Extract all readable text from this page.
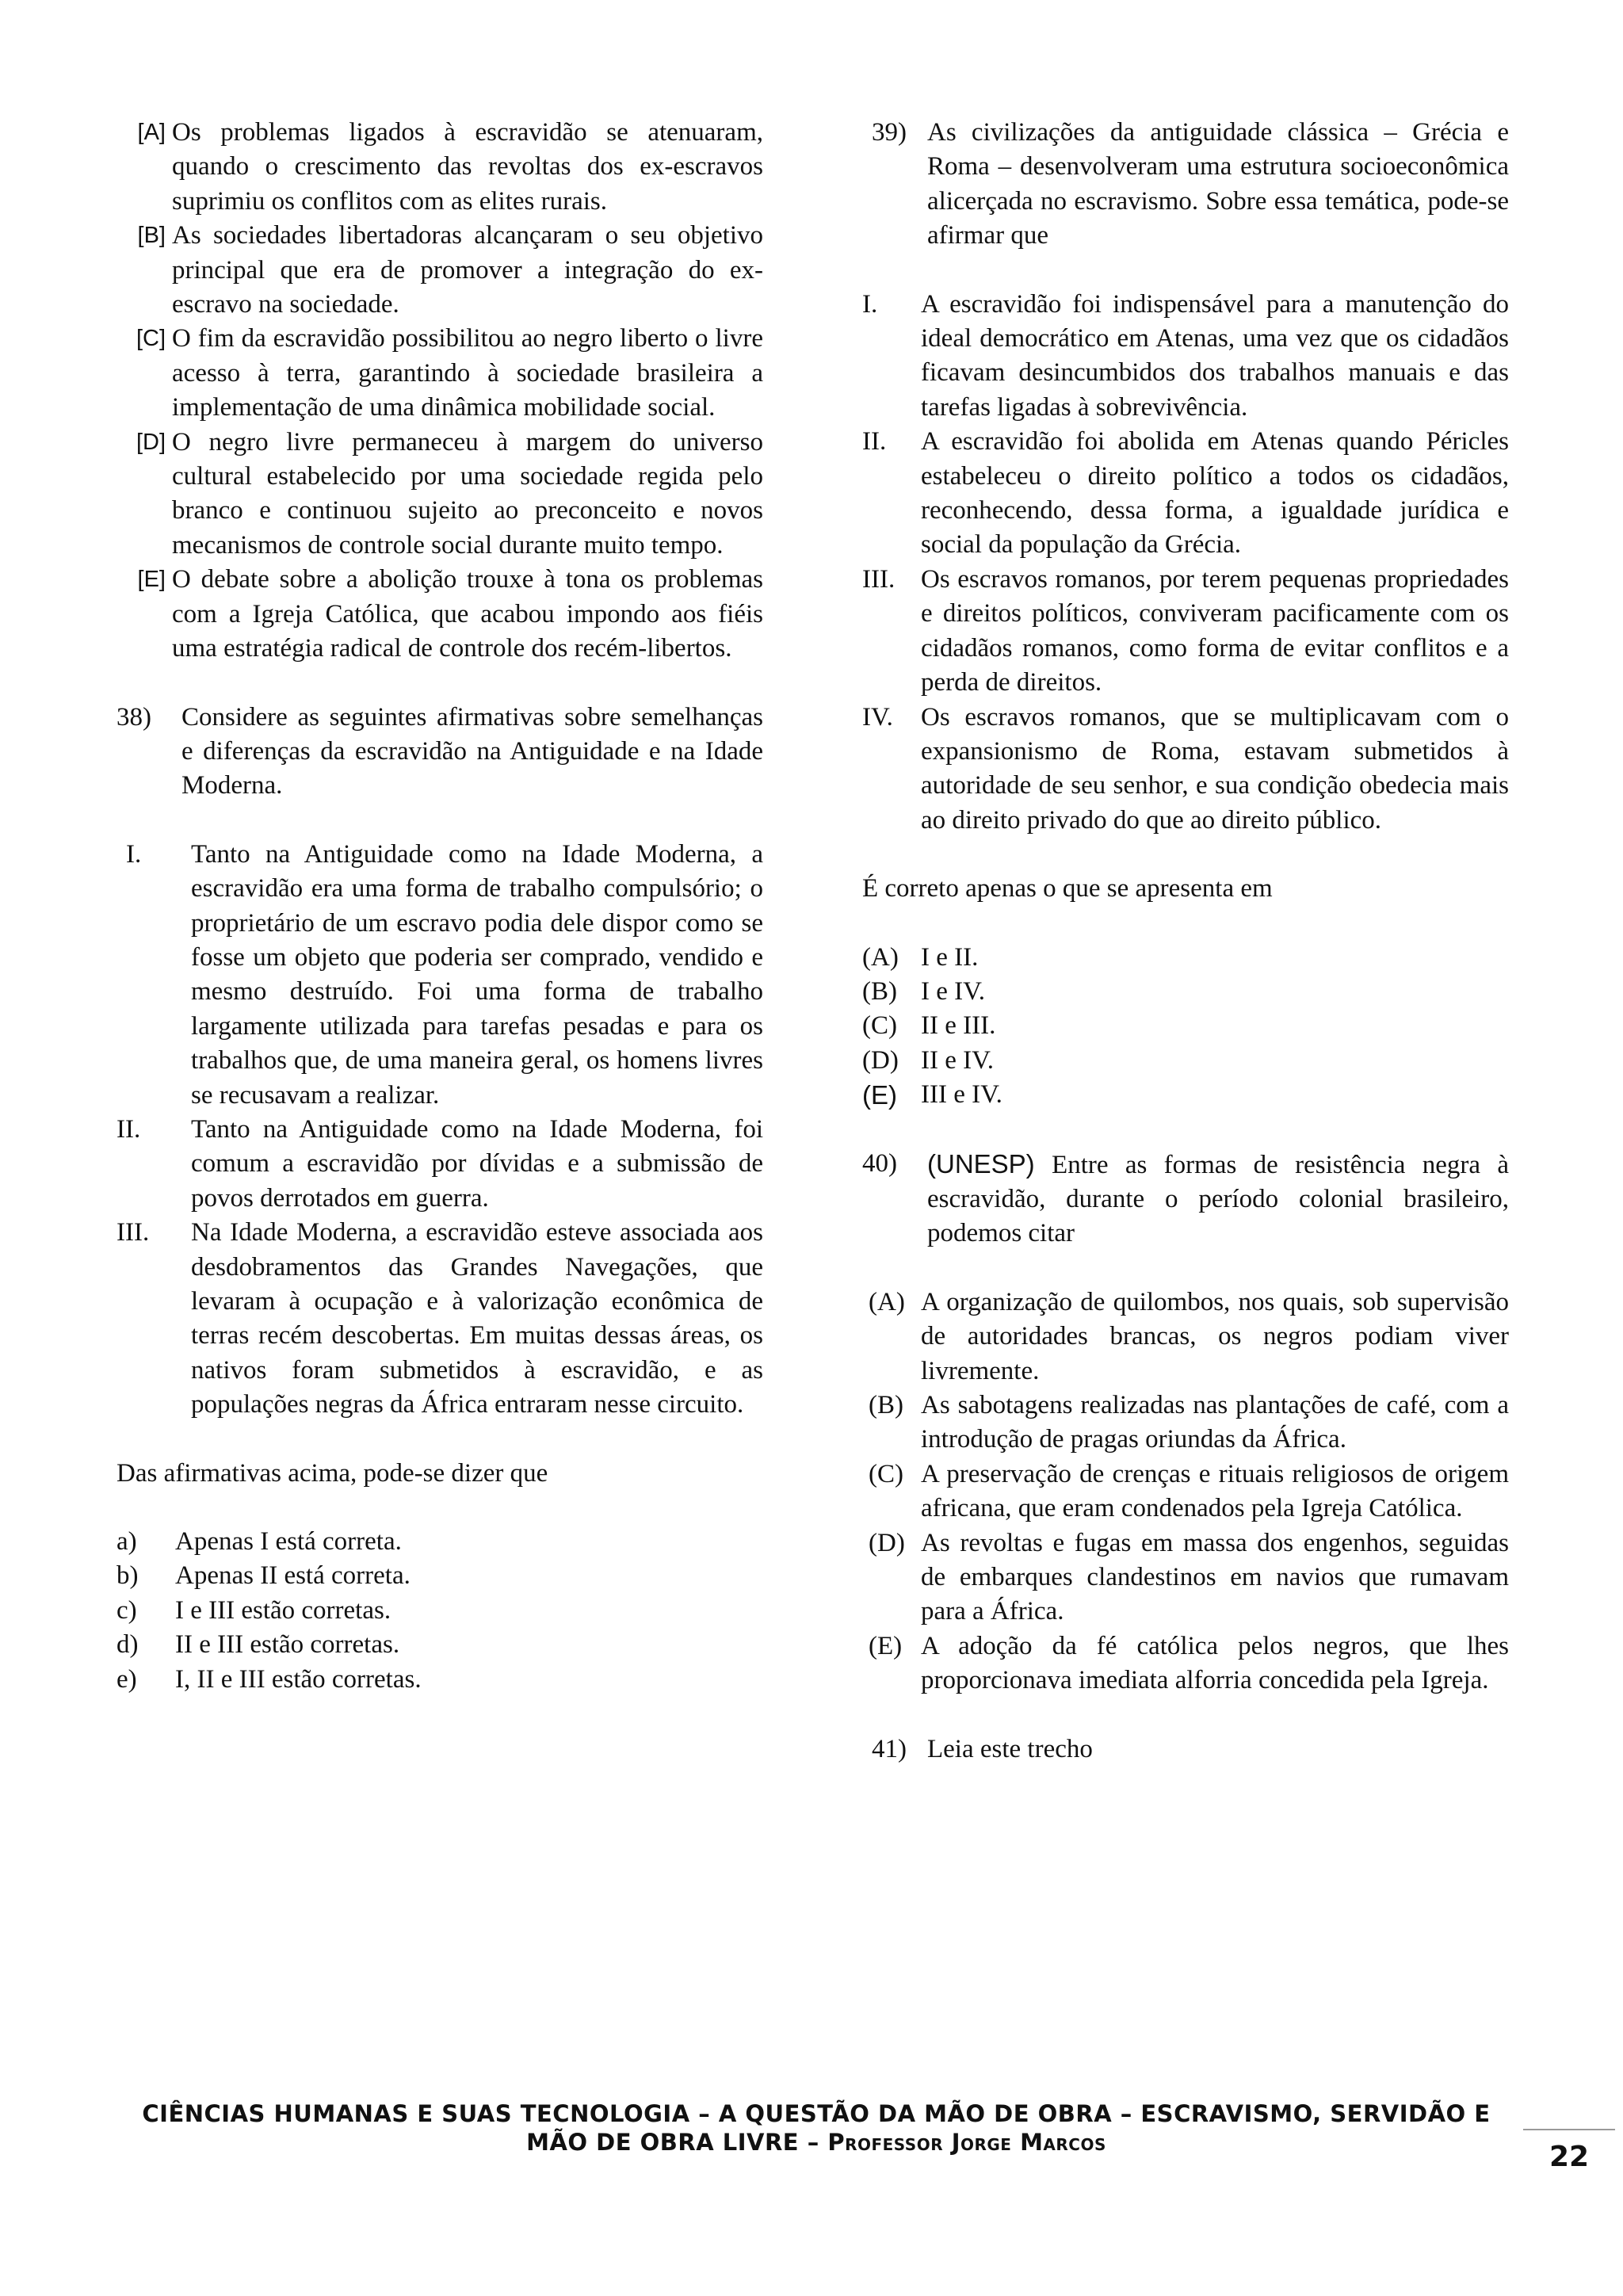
[A] Os problemas ligados à escravidão se atenuaram, quando o crescimento das revoltas dos ex-escravos suprimiu os conflitos com as elites rurais.
[B] As sociedades libertadoras alcançaram o seu objetivo principal que era de promover a integração do ex-escravo na sociedade.
[C] O fim da escravidão possibilitou ao negro liberto o livre acesso à terra, garantindo à sociedade brasileira a implementação de uma dinâmica mobilidade social.
[D] O negro livre permaneceu à margem do universo cultural estabelecido por uma sociedade regida pelo branco e continuou sujeito ao preconceito e novos mecanismos de controle social durante muito tempo.
[E] O debate sobre a abolição trouxe à tona os problemas com a Igreja Católica, que acabou impondo aos fiéis uma estratégia radical de controle dos recém-libertos.
38)	Considere as seguintes afirmativas sobre semelhanças e diferenças da escravidão na Antiguidade e na Idade Moderna.
I.	Tanto na Antiguidade como na Idade Moderna, a escravidão era uma forma de trabalho compulsório; o proprietário de um escravo podia dele dispor como se fosse um objeto que poderia ser comprado, vendido e mesmo destruído. Foi uma forma de trabalho largamente utilizada para tarefas pesadas e para os trabalhos que, de uma maneira geral, os homens livres se recusavam a realizar.
II.	Tanto na Antiguidade como na Idade Moderna, foi comum a escravidão por dívidas e a submissão de povos derrotados em guerra.
III.	Na Idade Moderna, a escravidão esteve associada aos desdobramentos das Grandes Navegações, que levaram à ocupação e à valorização econômica de terras recém descobertas. Em muitas dessas áreas, os nativos foram submetidos à escravidão, e as populações negras da África entraram nesse circuito.

Das afirmativas acima, pode-se dizer que

a)	Apenas I está correta.
b)	Apenas II está correta.
c)	I e III estão corretas.
d)	II e III estão corretas.
e)	I, II e III estão corretas.
39) As civilizações da antiguidade clássica – Grécia e Roma – desenvolveram uma estrutura socioeconômica alicerçada no escravismo. Sobre essa temática, pode-se afirmar que
I.	A escravidão foi indispensável para a manutenção do ideal democrático em Atenas, uma vez que os cidadãos ficavam desincumbidos dos trabalhos manuais e das tarefas ligadas à sobrevivência.
II.	A escravidão foi abolida em Atenas quando Péricles estabeleceu o direito político a todos os cidadãos, reconhecendo, dessa forma, a igualdade jurídica e social da população da Grécia.
III. Os escravos romanos, por terem pequenas propriedades e direitos políticos, conviveram pacificamente com os cidadãos romanos, como forma de evitar conflitos e a perda de direitos.
IV.	Os escravos romanos, que se multiplicavam com o expansionismo de Roma, estavam submetidos à autoridade de seu senhor, e sua condição obedecia mais ao direito privado do que ao direito público.

É correto apenas o que se apresenta em

(A) I e II.
(B) I e IV.
(C) II e III.
(D) II e IV.
(E) III e IV.
40)	(UNESP) Entre as formas de resistência negra à escravidão, durante o período colonial brasileiro, podemos citar
(A) A organização de quilombos, nos quais, sob supervisão de autoridades brancas, os negros podiam viver livremente.
(B) As sabotagens realizadas nas plantações de café, com a introdução de pragas oriundas da África.
(C) A preservação de crenças e rituais religiosos de origem africana, que eram condenados pela Igreja Católica.
(D) As revoltas e fugas em massa dos engenhos, seguidas de embarques clandestinos em navios que rumavam para a África.
(E) A adoção da fé católica pelos negros, que lhes proporcionava imediata alforria concedida pela Igreja.
41) Leia este trecho
CIÊNCIAS HUMANAS E SUAS TECNOLOGIA – A QUESTÃO DA MÃO DE OBRA – ESCRAVISMO, SERVIDÃO E
MÃO DE OBRA LIVRE – Professor Jorge Marcos	22
